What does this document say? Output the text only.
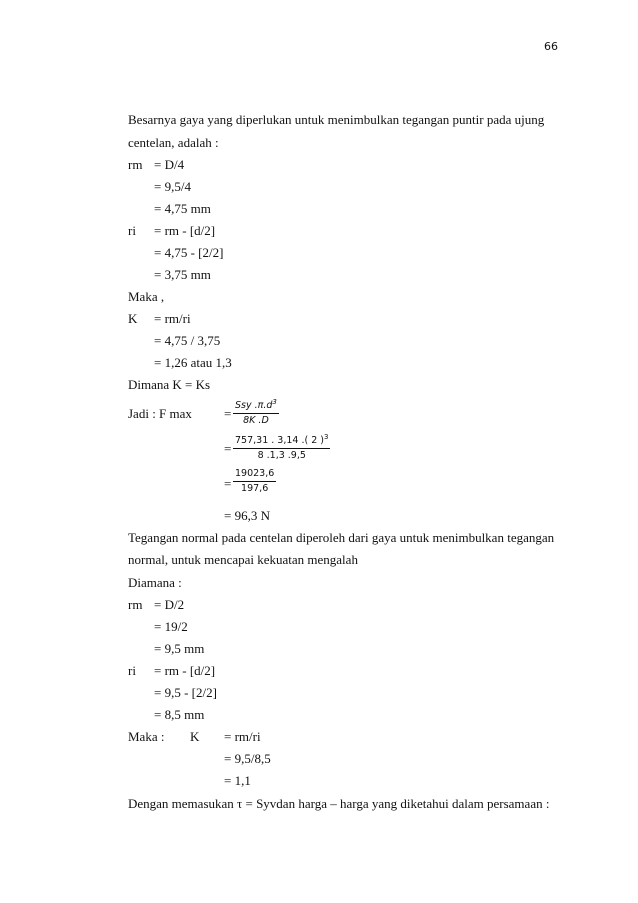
66
Besarnya gaya yang diperlukan untuk menimbulkan tegangan puntir pada ujung
centelan, adalah :
rm = D/4
= 9,5/4
= 4,75 mm
ri = rm - [d/2]
= 4,75 - [2/2]
= 3,75 mm
Maka ,
K = rm/ri
= 4,75 / 3,75
= 1,26 atau 1,3
Dimana K = Ks
Jadi : F max =
Ssy $.\pi.d^3$
8K .D
= $\frac{757,31 . 3,14 .( 2 )^3}{8 .1,3 .9,5}$
= $\frac{19023,6}{197,6}$
= 96,3 N
Tegangan normal pada centelan diperoleh dari gaya untuk menimbulkan tegangan
normal, untuk mencapai kekuatan mengalah
Diamana :
rm = D/2
= 19/2
= 9,5 mm
ri = rm - [d/2]
= 9,5 - [2/2]
= 8,5 mm
Maka : K = rm/ri
= 9,5/8,5
= 1,1
Dengan memasukan τ = Syvdan harga – harga yang diketahui dalam persamaan :
